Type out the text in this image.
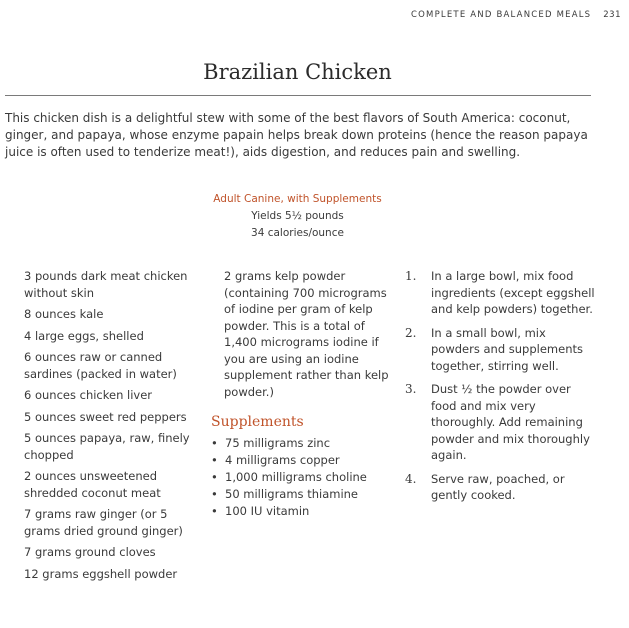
COMPLETE AND BALANCED MEALS 231
Brazilian Chicken
This chicken dish is a delightful stew with some of the best flavors of South America: coconut, ginger, and papaya, whose enzyme papain helps break down proteins (hence the reason papaya juice is often used to tenderize meat!), aids digestion, and reduces pain and swelling.
Adult Canine, with Supplements
Yields 5½ pounds
34 calories/ounce
3 pounds dark meat chicken without skin
8 ounces kale
4 large eggs, shelled
6 ounces raw or canned sardines (packed in water)
6 ounces chicken liver
5 ounces sweet red peppers
5 ounces papaya, raw, finely chopped
2 ounces unsweetened shredded coconut meat
7 grams raw ginger (or 5 grams dried ground ginger)
7 grams ground cloves
12 grams eggshell powder
2 grams kelp powder (containing 700 micrograms of iodine per gram of kelp powder. This is a total of 1,400 micrograms iodine if you are using an iodine supplement rather than kelp powder.)
Supplements
• 75 milligrams zinc
• 4 milligrams copper
• 1,000 milligrams choline
• 50 milligrams thiamine
• 100 IU vitamin
1.	In a large bowl, mix food ingredients (except eggshell and kelp powders) together.
2.	In a small bowl, mix powders and supplements together, stirring well.
3.	Dust ½ the powder over food and mix very thoroughly. Add remaining powder and mix thoroughly again.
4.	Serve raw, poached, or gently cooked.
